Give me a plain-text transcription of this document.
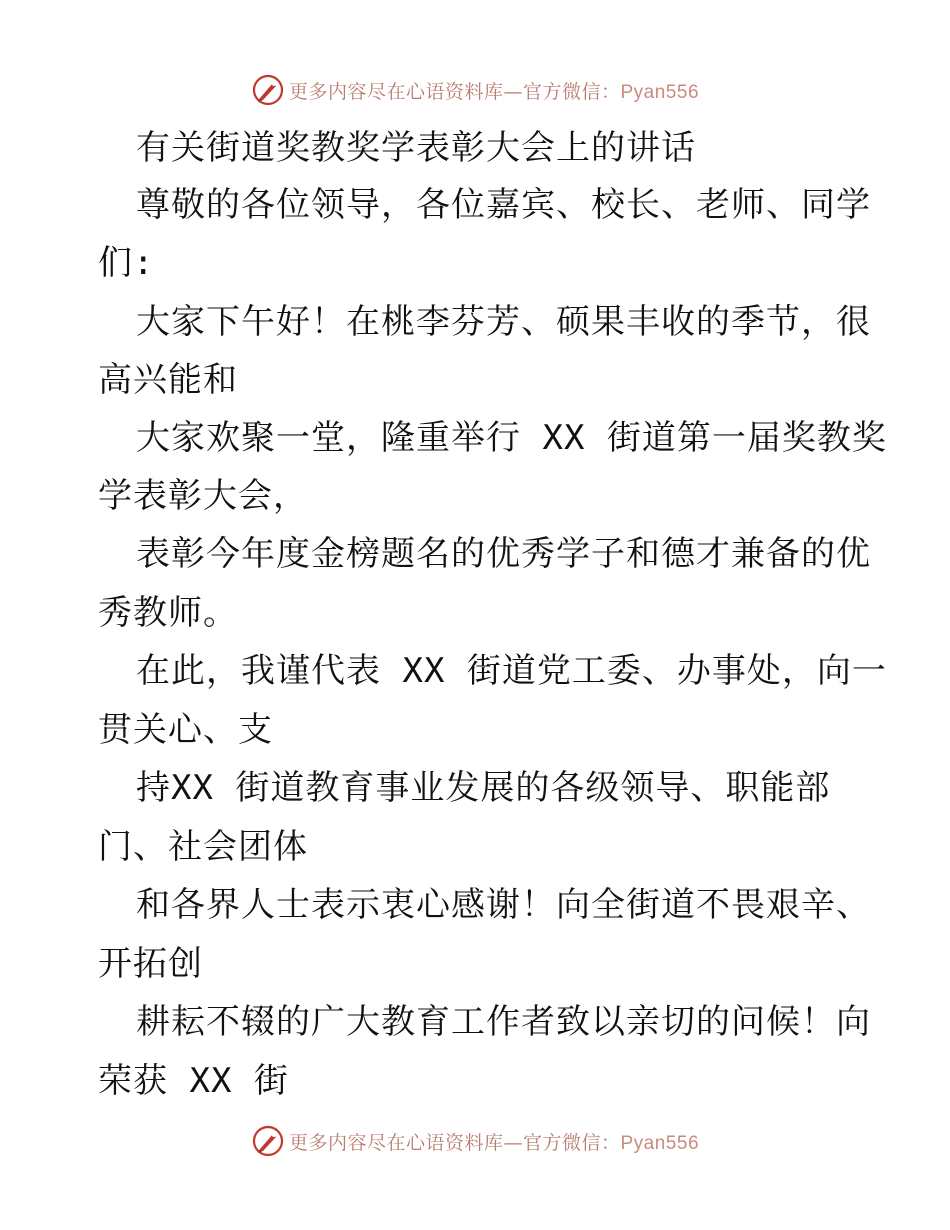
更多内容尽在心语资料库—官方微信：Pyan556
有关街道奖教奖学表彰大会上的讲话
尊敬的各位领导，各位嘉宾、校长、老师、同学
们:
大家下午好！在桃李芬芳、硕果丰收的季节，很
高兴能和
大家欢聚一堂，隆重举行 XX 街道第一届奖教奖
学表彰大会，
表彰今年度金榜题名的优秀学子和德才兼备的优
秀教师。
在此，我谨代表 XX 街道党工委、办事处，向一
贯关心、支
持XX 街道教育事业发展的各级领导、职能部
门、社会团体
和各界人士表示衷心感谢！向全街道不畏艰辛、
开拓创
耕耘不辍的广大教育工作者致以亲切的问候！向
荣获 XX 街
更多内容尽在心语资料库—官方微信：Pyan556
